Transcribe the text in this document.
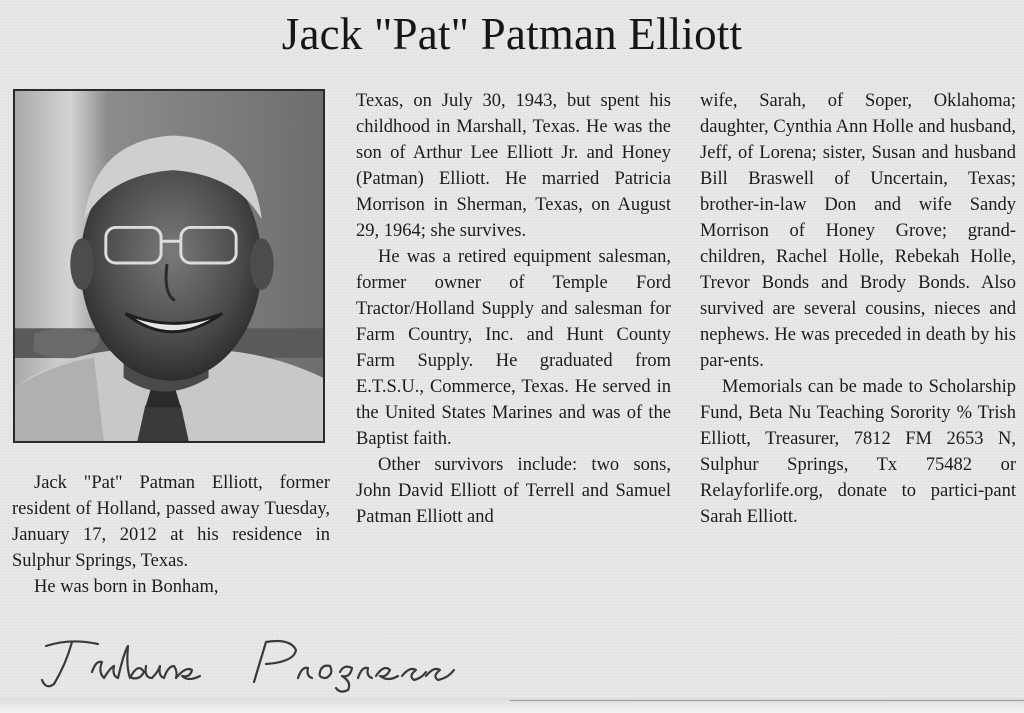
Jack "Pat" Patman Elliott

Jack "Pat" Patman Elliott, former resident of Holland, passed away Tuesday, January 17, 2012 at his residence in Sulphur Springs, Texas.

He was born in Bonham,

Texas, on July 30, 1943, but spent his childhood in Marshall, Texas. He was the son of Arthur Lee Elliott Jr. and Honey (Patman) Elliott. He married Patricia Morrison in Sherman, Texas, on August 29, 1964; she survives.

He was a retired equipment salesman, former owner of Temple Ford Tractor/Holland Supply and salesman for Farm Country, Inc. and Hunt County Farm Supply. He graduated from E.T.S.U., Commerce, Texas. He served in the United States Marines and was of the Baptist faith.

Other survivors include: two sons, John David Elliott of Terrell and Samuel Patman Elliott and

wife, Sarah, of Soper, Oklahoma; daughter, Cynthia Ann Holle and husband, Jeff, of Lorena; sister, Susan and husband Bill Braswell of Uncertain, Texas; brother-in-law Don and wife Sandy Morrison of Honey Grove; grand-children, Rachel Holle, Rebekah Holle, Trevor Bonds and Brody Bonds. Also survived are several cousins, nieces and nephews. He was preceded in death by his par-ents.

Memorials can be made to Scholarship Fund, Beta Nu Teaching Sorority % Trish Elliott, Treasurer, 7812 FM 2653 N, Sulphur Springs, Tx 75482 or Relayforlife.org, donate to partici-pant Sarah Elliott.
